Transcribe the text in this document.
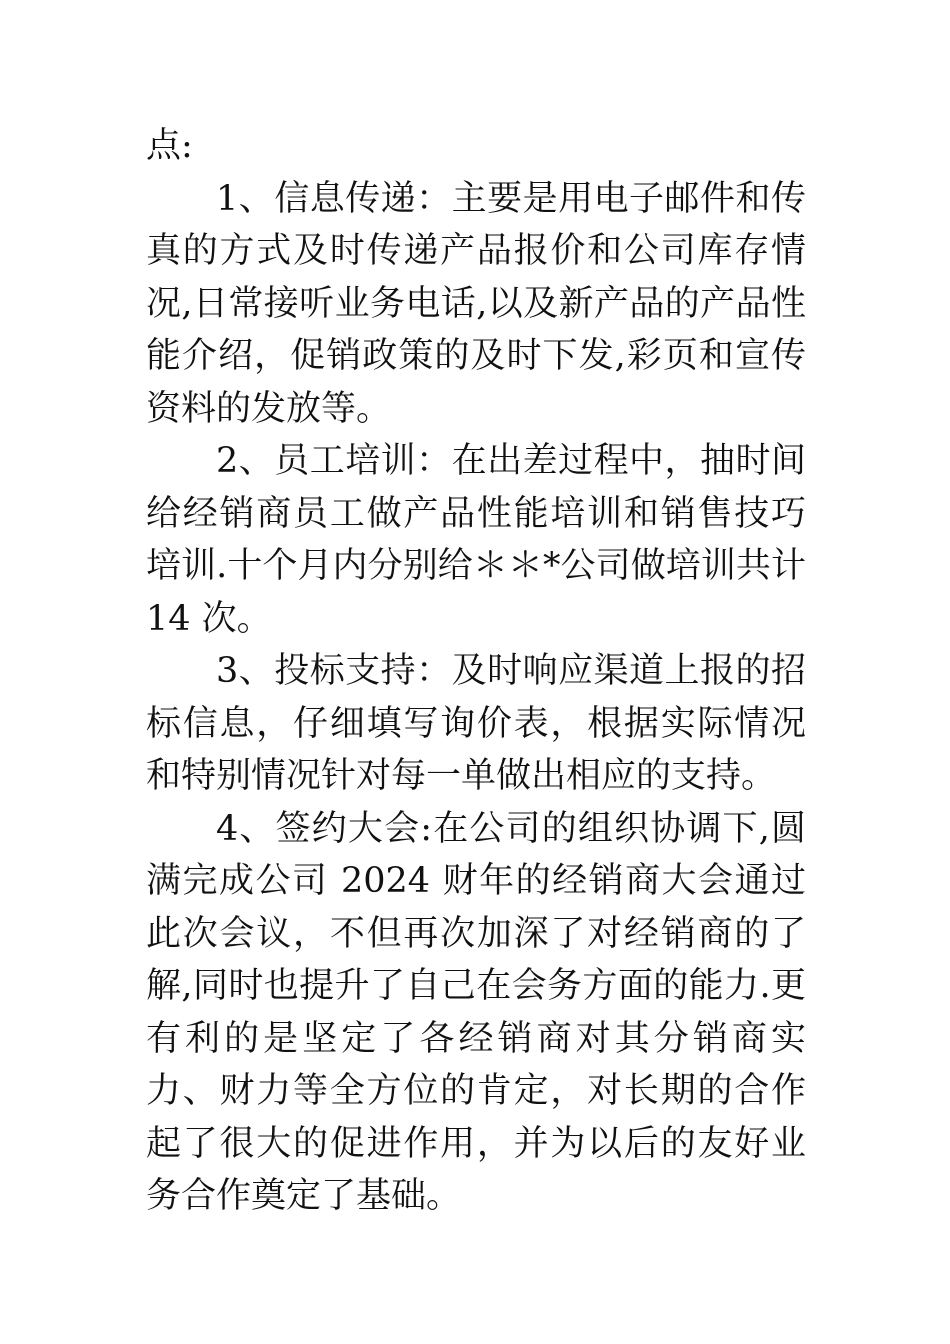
点:

1、信息传递：主要是用电子邮件和传真的方式及时传递产品报价和公司库存情况,日常接听业务电话,以及新产品的产品性能介绍，促销政策的及时下发,彩页和宣传资料的发放等。

2、员工培训：在出差过程中，抽时间给经销商员工做产品性能培训和销售技巧培训.十个月内分别给＊＊*公司做培训共计 14 次。

3、投标支持：及时响应渠道上报的招标信息，仔细填写询价表，根据实际情况和特别情况针对每一单做出相应的支持。

4、签约大会:在公司的组织协调下,圆满完成公司 2024 财年的经销商大会通过此次会议，不但再次加深了对经销商的了解,同时也提升了自己在会务方面的能力.更有利的是坚定了各经销商对其分销商实力、财力等全方位的肯定，对长期的合作起了很大的促进作用，并为以后的友好业务合作奠定了基础。
